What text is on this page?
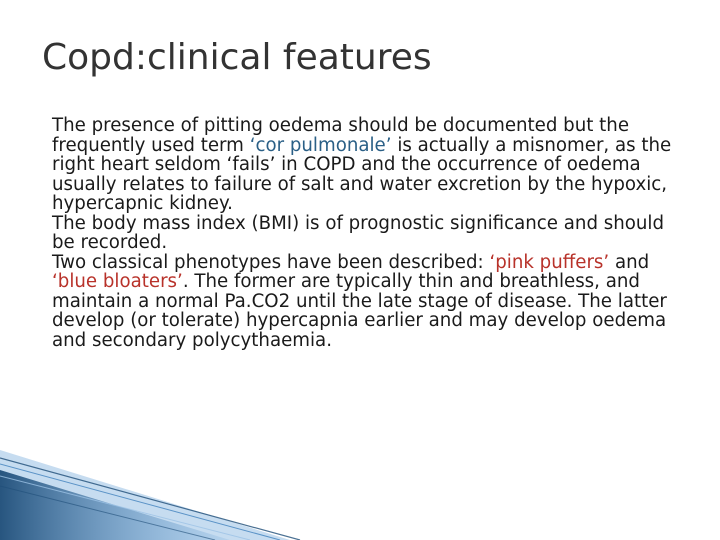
Copd:clinical features

The presence of pitting oedema should be documented but the frequently used term ‘cor pulmonale’ is actually a misnomer, as the right heart seldom ‘fails’ in COPD and the occurrence of oedema usually relates to failure of salt and water excretion by the hypoxic, hypercapnic kidney.

The body mass index (BMI) is of prognostic significance and should be recorded.

Two classical phenotypes have been described: ‘pink puffers’ and ‘blue bloaters’. The former are typically thin and breathless, and maintain a normal Pa.CO2 until the late stage of disease. The latter develop (or tolerate) hypercapnia earlier and may develop oedema and secondary polycythaemia.
